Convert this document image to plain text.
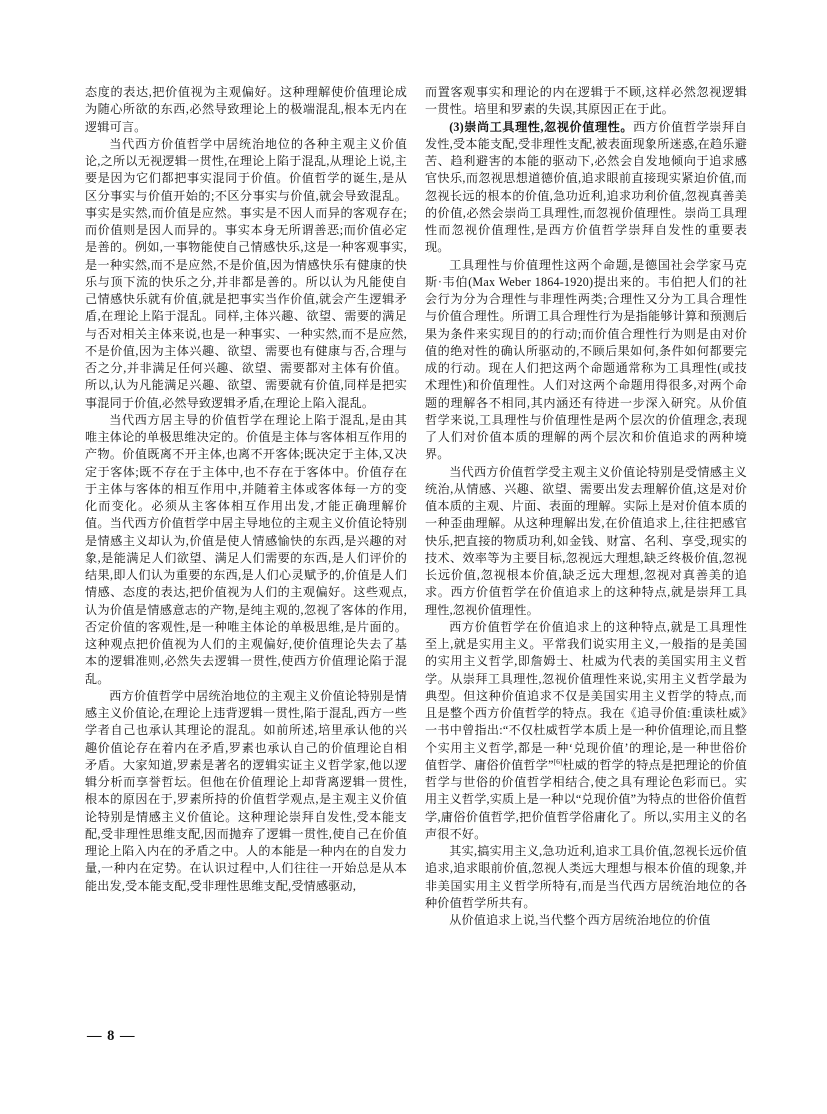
态度的表达,把价值视为主观偏好。这种理解使价值理论成为随心所欲的东西,必然导致理论上的极端混乱,根本无内在逻辑可言。

当代西方价值哲学中居统治地位的各种主观主义价值论,之所以无视逻辑一贯性,在理论上陷于混乱,从理论上说,主要是因为它们都把事实混同于价值。价值哲学的诞生,是从区分事实与价值开始的;不区分事实与价值,就会导致混乱。事实是实然,而价值是应然。事实是不因人而异的客观存在;而价值则是因人而异的。事实本身无所谓善恶;而价值必定是善的。例如,一事物能使自己情感快乐,这是一种客观事实,是一种实然,而不是应然,不是价值,因为情感快乐有健康的快乐与顶下流的快乐之分,并非都是善的。所以认为凡能使自己情感快乐就有价值,就是把事实当作价值,就会产生逻辑矛盾,在理论上陷于混乱。同样,主体兴趣、欲望、需要的满足与否对相关主体来说,也是一种事实、一种实然,而不是应然,不是价值,因为主体兴趣、欲望、需要也有健康与否,合理与否之分,并非满足任何兴趣、欲望、需要都对主体有价值。所以,认为凡能满足兴趣、欲望、需要就有价值,同样是把实事混同于价值,必然导致逻辑矛盾,在理论上陷入混乱。

当代西方居主导的价值哲学在理论上陷于混乱,是由其唯主体论的单极思维决定的。价值是主体与客体相互作用的产物。价值既离不开主体,也离不开客体;既决定于主体,又决定于客体;既不存在于主体中,也不存在于客体中。价值存在于主体与客体的相互作用中,并随着主体或客体每一方的变化而变化。必须从主客体相互作用出发,才能正确理解价值。当代西方价值哲学中居主导地位的主观主义价值论特别是情感主义却认为,价值是使人情感愉快的东西,是兴趣的对象,是能满足人们欲望、满足人们需要的东西,是人们评价的结果,即人们认为重要的东西,是人们心灵赋予的,价值是人们情感、态度的表达,把价值视为人们的主观偏好。这些观点,认为价值是情感意志的产物,是纯主观的,忽视了客体的作用,否定价值的客观性,是一种唯主体论的单极思维,是片面的。这种观点把价值视为人们的主观偏好,使价值理论失去了基本的逻辑准则,必然失去逻辑一贯性,使西方价值理论陷于混乱。

西方价值哲学中居统治地位的主观主义价值论特别是情感主义价值论,在理论上违背逻辑一贯性,陷于混乱,西方一些学者自己也承认其理论的混乱。如前所述,培里承认他的兴趣价值论存在着内在矛盾,罗素也承认自己的价值理论自相矛盾。大家知道,罗素是著名的逻辑实证主义哲学家,他以逻辑分析而享誉哲坛。但他在价值理论上却背离逻辑一贯性,根本的原因在于,罗素所持的价值哲学观点,是主观主义价值论特别是情感主义价值论。这种理论崇拜自发性,受本能支配,受非理性思维支配,因而抛弃了逻辑一贯性,使自己在价值理论上陷入内在的矛盾之中。人的本能是一种内在的自发力量,一种内在定势。在认识过程中,人们往往一开始总是从本能出发,受本能支配,受非理性思维支配,受情感驱动,

而置客观事实和理论的内在逻辑于不顾,这样必然忽视逻辑一贯性。培里和罗素的失误,其原因正在于此。

(3)崇尚工具理性,忽视价值理性。西方价值哲学崇拜自发性,受本能支配,受非理性支配,被表面现象所迷惑,在趋乐避苦、趋利避害的本能的驱动下,必然会自发地倾向于追求感官快乐,而忽视思想道德价值,追求眼前直接现实紧迫价值,而忽视长远的根本的价值,急功近利,追求功利价值,忽视真善美的价值,必然会崇尚工具理性,而忽视价值理性。崇尚工具理性而忽视价值理性,是西方价值哲学崇拜自发性的重要表现。

工具理性与价值理性这两个命题,是德国社会学家马克斯·韦伯(Max Weber 1864-1920)提出来的。韦伯把人们的社会行为分为合理性与非理性两类;合理性又分为工具合理性与价值合理性。所谓工具合理性行为是指能够计算和预测后果为条件来实现目的的行动;而价值合理性行为则是由对价值的绝对性的确认所驱动的,不顾后果如何,条件如何都要完成的行动。现在人们把这两个命题通常称为工具理性(或技术理性)和价值理性。人们对这两个命题用得很多,对两个命题的理解各不相同,其内涵还有待进一步深入研究。从价值哲学来说,工具理性与价值理性是两个层次的价值理念,表现了人们对价值本质的理解的两个层次和价值追求的两种境界。

当代西方价值哲学受主观主义价值论特别是受情感主义统治,从情感、兴趣、欲望、需要出发去理解价值,这是对价值本质的主观、片面、表面的理解。实际上是对价值本质的一种歪曲理解。从这种理解出发,在价值追求上,往往把感官快乐,把直接的物质功利,如金钱、财富、名利、享受,现实的技术、效率等为主要目标,忽视远大理想,缺乏终极价值,忽视长远价值,忽视根本价值,缺乏远大理想,忽视对真善美的追求。西方价值哲学在价值追求上的这种特点,就是崇拜工具理性,忽视价值理性。

西方价值哲学在价值追求上的这种特点,就是工具理性至上,就是实用主义。平常我们说实用主义,一般指的是美国的实用主义哲学,即詹姆士、杜威为代表的美国实用主义哲学。从崇拜工具理性,忽视价值理性来说,实用主义哲学最为典型。但这种价值追求不仅是美国实用主义哲学的特点,而且是整个西方价值哲学的特点。我在《追寻价值:重读杜威》一书中曾指出:“不仅杜威哲学本质上是一种价值理论,而且整个实用主义哲学,都是一种‘兑现价值’的理论,是一种世俗价值哲学、庸俗价值哲学”[6]杜威的哲学的特点是把理论的价值哲学与世俗的价值哲学相结合,使之具有理论色彩而已。实用主义哲学,实质上是一种以“兑现价值”为特点的世俗价值哲学,庸俗价值哲学,把价值哲学俗庸化了。所以,实用主义的名声很不好。

其实,搞实用主义,急功近利,追求工具价值,忽视长远价值追求,追求眼前价值,忽视人类远大理想与根本价值的现象,并非美国实用主义哲学所特有,而是当代西方居统治地位的各种价值哲学所共有。

从价值追求上说,当代整个西方居统治地位的价值

— 8 —
